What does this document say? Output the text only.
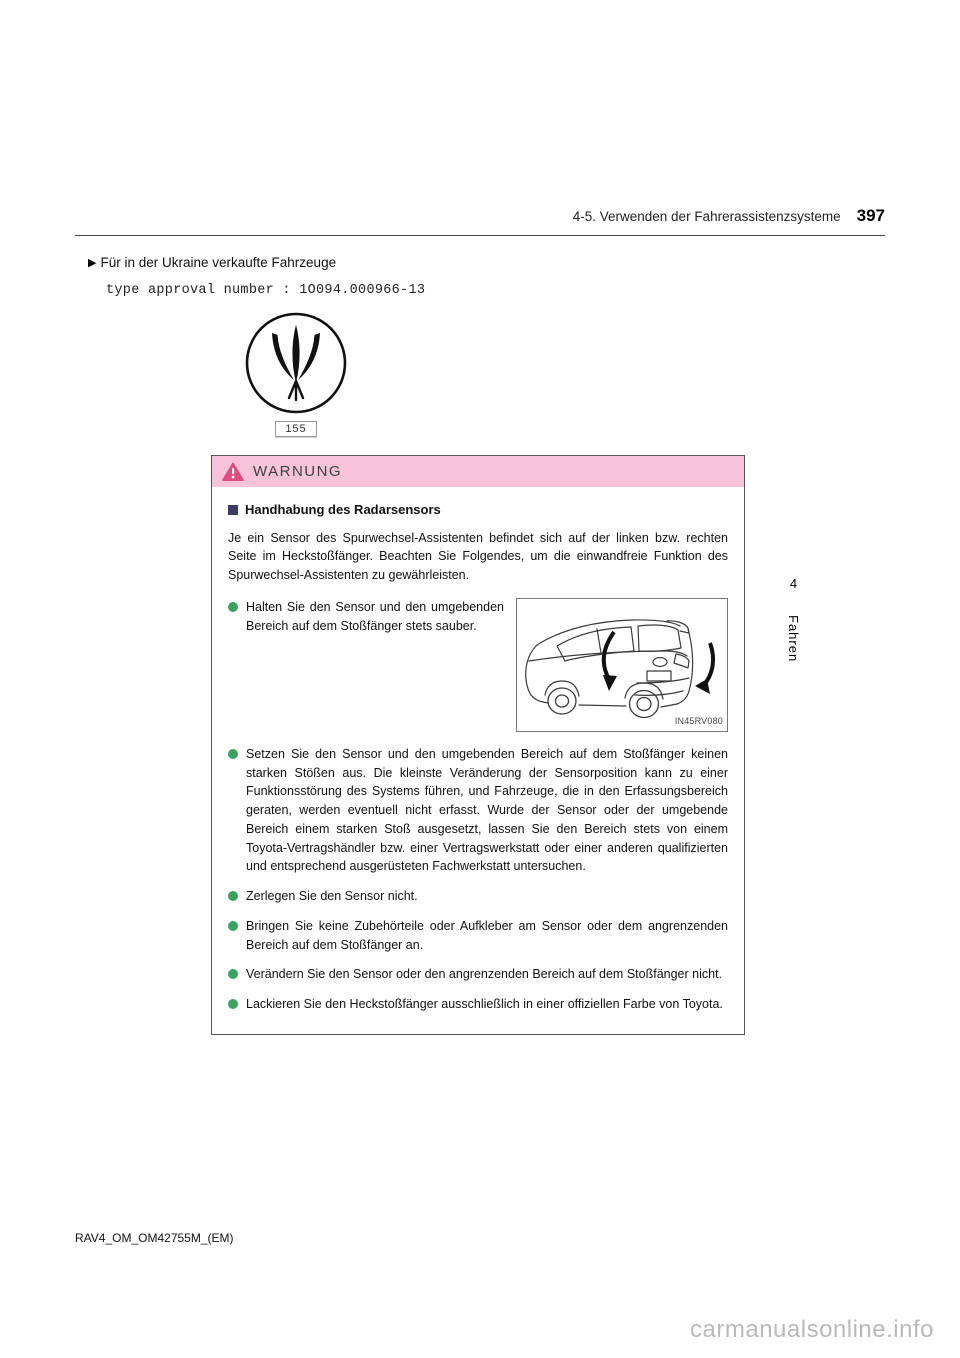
4-5. Verwenden der Fahrerassistenzsysteme 397
▶ Für in der Ukraine verkaufte Fahrzeuge
type approval number : 1O094.000966-13
155
WARNUNG
Handhabung des Radarsensors

Je ein Sensor des Spurwechsel-Assistenten befindet sich auf der linken bzw. rechten Seite im Heckstoßfänger. Beachten Sie Folgendes, um die einwandfreie Funktion des Spurwechsel-Assistenten zu gewährleisten.

Halten Sie den Sensor und den umgebenden Bereich auf dem Stoßfänger stets sauber.
IN45RV080
Setzen Sie den Sensor und den umgebenden Bereich auf dem Stoßfänger keinen starken Stößen aus. Die kleinste Veränderung der Sensorposition kann zu einer Funktionsstörung des Systems führen, und Fahrzeuge, die in den Erfassungsbereich geraten, werden eventuell nicht erfasst. Wurde der Sensor oder der umgebende Bereich einem starken Stoß ausgesetzt, lassen Sie den Bereich stets von einem Toyota-Vertragshändler bzw. einer Vertragswerkstatt oder einer anderen qualifizierten und entsprechend ausgerüsteten Fachwerkstatt untersuchen.
Zerlegen Sie den Sensor nicht.
Bringen Sie keine Zubehörteile oder Aufkleber am Sensor oder dem angrenzenden Bereich auf dem Stoßfänger an.
Verändern Sie den Sensor oder den angrenzenden Bereich auf dem Stoßfänger nicht.
Lackieren Sie den Heckstoßfänger ausschließlich in einer offiziellen Farbe von Toyota.
4
Fahren
RAV4_OM_OM42755M_(EM)
carmanualsonline.info
